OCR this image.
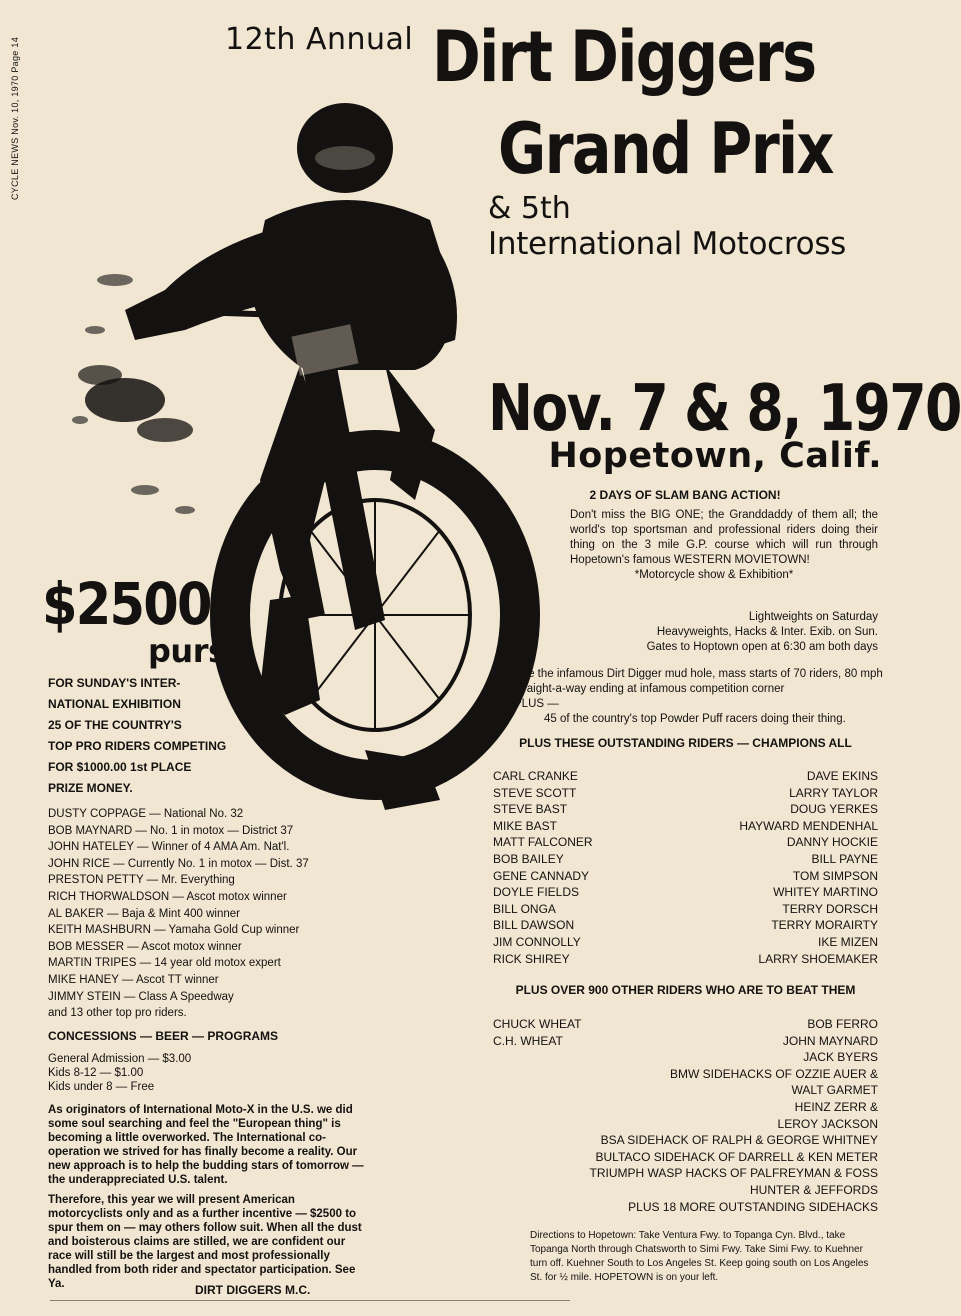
CYCLE NEWS Nov. 10, 1970 Page 14	12th Annual Dirt Diggers
Grand Prix
& 5th
International Motocross
Nov. 7 & 8, 1970
Hopetown, Calif.
2 DAYS OF SLAM BANG ACTION!
Don't miss the BIG ONE; the Granddaddy of them all; the world's top sportsman and professional riders doing their thing on the 3 mile G.P. course which will run through Hopetown's famous WESTERN MOVIETOWN!
*Motorcycle show & Exhibition*
Lightweights on Saturday
Heavyweights, Hacks & Inter. Exib. on Sun.
Gates to Hoptown open at 6:30 am both days
See the infamous Dirt Digger mud hole, mass starts of 70 riders, 80 mph straight-a-way ending at infamous competition corner
PLUS —
45 of the country's top Powder Puff racers doing their thing.
PLUS THESE OUTSTANDING RIDERS — CHAMPIONS ALL
CARL CRANKE
STEVE SCOTT
STEVE BAST
MIKE BAST
MATT FALCONER
BOB BAILEY
GENE CANNADY
DOYLE FIELDS
BILL ONGA
BILL DAWSON
JIM CONNOLLY
RICK SHIREY
DAVE EKINS
LARRY TAYLOR
DOUG YERKES
HAYWARD MENDENHAL
DANNY HOCKIE
BILL PAYNE
TOM SIMPSON
WHITEY MARTINO
TERRY DORSCH
TERRY MORAIRTY
IKE MIZEN
LARRY SHOEMAKER
PLUS OVER 900 OTHER RIDERS WHO ARE TO BEAT THEM
CHUCK WHEAT
C.H. WHEAT
BOB FERRO
JOHN MAYNARD
JACK BYERS
BMW SIDEHACKS OF OZZIE AUER &
WALT GARMET
HEINZ ZERR &
LEROY JACKSON
BSA SIDEHACK OF RALPH & GEORGE WHITNEY
BULTACO SIDEHACK OF DARRELL & KEN METER
TRIUMPH WASP HACKS OF PALFREYMAN & FOSS
HUNTER & JEFFORDS
PLUS 18 MORE OUTSTANDING SIDEHACKS
Directions to Hopetown: Take Ventura Fwy. to Topanga Cyn. Blvd., take Topanga North through Chatsworth to Simi Fwy. Take Simi Fwy. to Kuehner turn off. Kuehner South to Los Angeles St. Keep going south on Los Angeles St. for ½ mile. HOPETOWN is on your left.
$2500.
purse
FOR SUNDAY'S INTER-
NATIONAL EXHIBITION
25 OF THE COUNTRY'S
TOP PRO RIDERS COMPETING
FOR $1000.00 1st PLACE
PRIZE MONEY.
DUSTY COPPAGE — National No. 32
BOB MAYNARD — No. 1 in motox — District 37
JOHN HATELEY — Winner of 4 AMA Am. Nat'l.
JOHN RICE — Currently No. 1 in motox — Dist. 37
PRESTON PETTY — Mr. Everything
RICH THORWALDSON — Ascot motox winner
AL BAKER — Baja & Mint 400 winner
KEITH MASHBURN — Yamaha Gold Cup winner
BOB MESSER — Ascot motox winner
MARTIN TRIPES — 14 year old motox expert
MIKE HANEY — Ascot TT winner
JIMMY STEIN — Class A Speedway
and 13 other top pro riders.
CONCESSIONS — BEER — PROGRAMS
General Admission — $3.00
Kids 8-12 — $1.00
Kids under 8 — Free
As originators of International Moto-X in the U.S. we did some soul searching and feel the "European thing" is becoming a little overworked. The International co-operation we strived for has finally become a reality. Our new approach is to help the budding stars of tomorrow — the underappreciated U.S. talent.
Therefore, this year we will present American motorcyclists only and as a further incentive — $2500 to spur them on — may others follow suit. When all the dust and boisterous claims are stilled, we are confident our race will still be the largest and most professionally handled from both rider and spectator participation. See Ya.	DIRT DIGGERS M.C.
